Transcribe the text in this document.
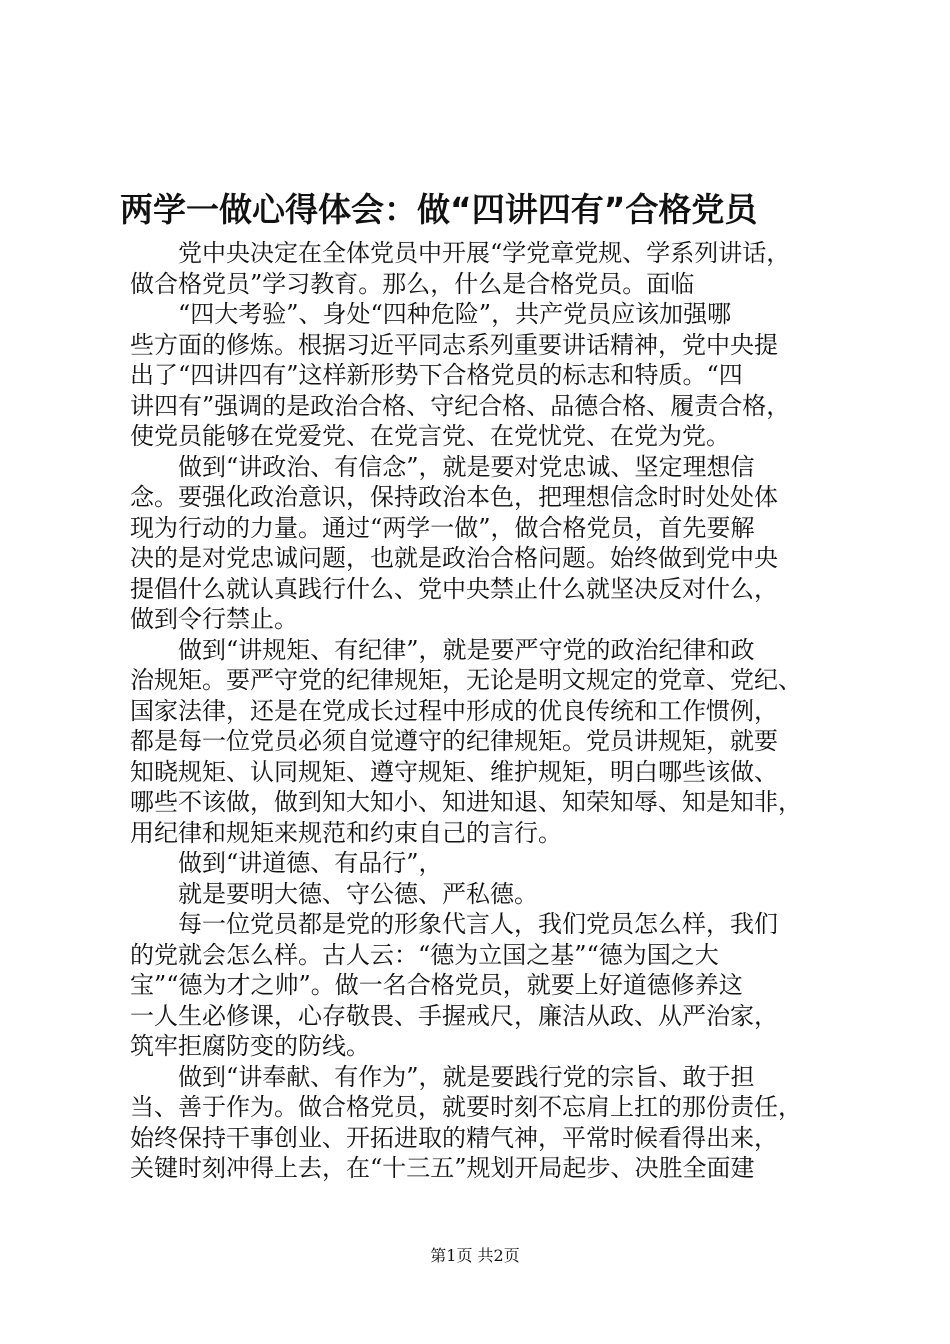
两学一做心得体会：做“四讲四有”合格党员
党中央决定在全体党员中开展“学党章党规、学系列讲话，
做合格党员”学习教育。那么，什么是合格党员。面临
“四大考验”、身处“四种危险”，共产党员应该加强哪
些方面的修炼。根据习近平同志系列重要讲话精神，党中央提
出了“四讲四有”这样新形势下合格党员的标志和特质。“四
讲四有”强调的是政治合格、守纪合格、品德合格、履责合格，
使党员能够在党爱党、在党言党、在党忧党、在党为党。
做到“讲政治、有信念”，就是要对党忠诚、坚定理想信
念。要强化政治意识，保持政治本色，把理想信念时时处处体
现为行动的力量。通过“两学一做”，做合格党员，首先要解
决的是对党忠诚问题，也就是政治合格问题。始终做到党中央
提倡什么就认真践行什么、党中央禁止什么就坚决反对什么，
做到令行禁止。
做到“讲规矩、有纪律”，就是要严守党的政治纪律和政
治规矩。要严守党的纪律规矩，无论是明文规定的党章、党纪、
国家法律，还是在党成长过程中形成的优良传统和工作惯例，
都是每一位党员必须自觉遵守的纪律规矩。党员讲规矩，就要
知晓规矩、认同规矩、遵守规矩、维护规矩，明白哪些该做、
哪些不该做，做到知大知小、知进知退、知荣知辱、知是知非，
用纪律和规矩来规范和约束自己的言行。
做到“讲道德、有品行”，
就是要明大德、守公德、严私德。
每一位党员都是党的形象代言人，我们党员怎么样，我们
的党就会怎么样。古人云：“德为立国之基”“德为国之大
宝”“德为才之帅”。做一名合格党员，就要上好道德修养这
一人生必修课，心存敬畏、手握戒尺，廉洁从政、从严治家，
筑牢拒腐防变的防线。
做到“讲奉献、有作为”，就是要践行党的宗旨、敢于担
当、善于作为。做合格党员，就要时刻不忘肩上扛的那份责任，
始终保持干事创业、开拓进取的精气神，平常时候看得出来，
关键时刻冲得上去，在“十三五”规划开局起步、决胜全面建
第1页 共2页
